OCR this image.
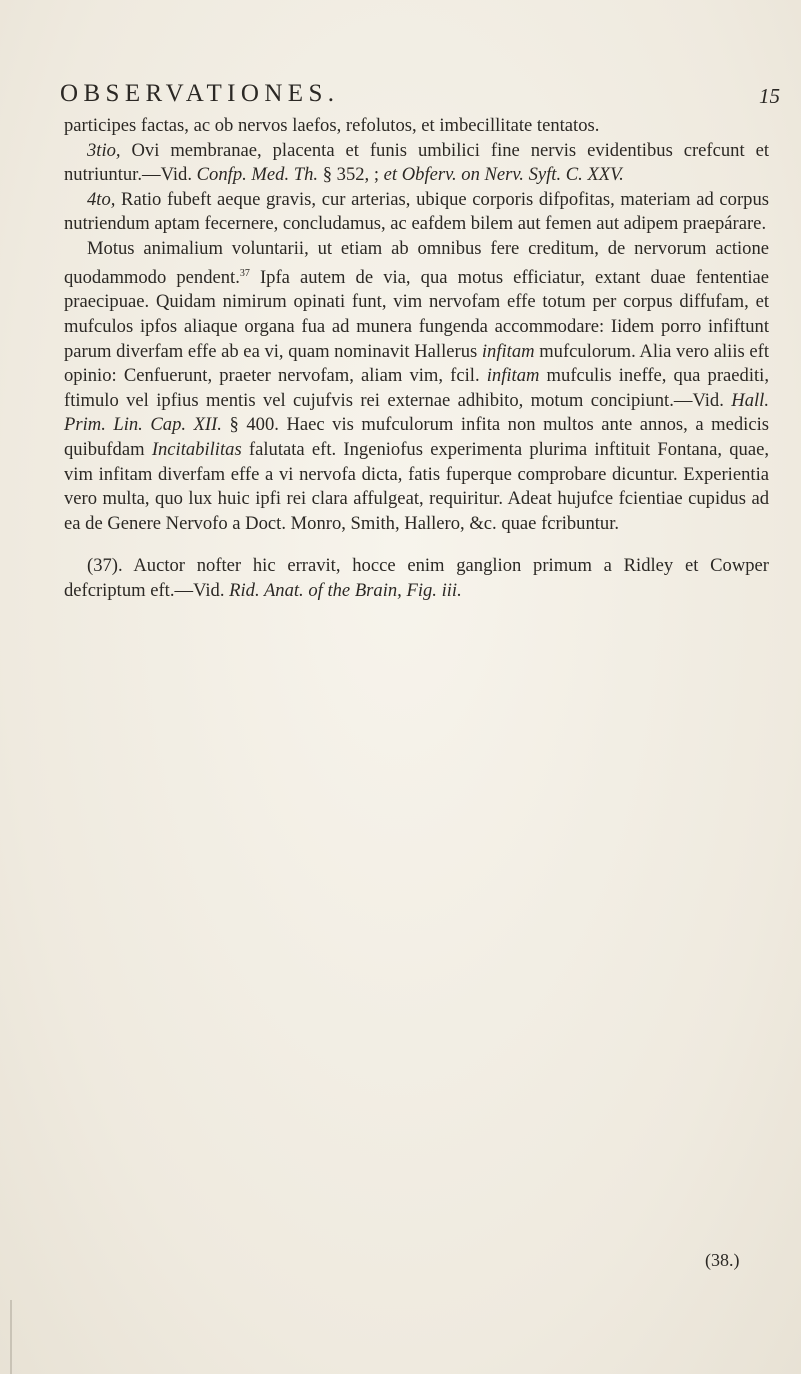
OBSERVATIONES.	15

participes factas, ac ob nervos laefos, refolutos, et imbecillitate tentatos.

3tio, Ovi membranae, placenta et funis umbilici fine nervis evidentibus crefcunt et nutriuntur.—Vid. Confp. Med. Th. § 352, ; et Obferv. on Nerv. Syft. C. XXV.

4to, Ratio fubeft aeque gravis, cur arterias, ubique corporis difpofitas, materiam ad corpus nutriendum aptam fecernere, concludamus, ac eafdem bilem aut femen aut adipem praepárare.

Motus animalium voluntarii, ut etiam ab omnibus fere creditum, de nervorum actione quodammodo pendent.$^{37}$ Ipfa autem de via, qua motus efficiatur, extant duae fententiae praecipuae. Quidam nimirum opinati funt, vim nervofam effe totum per corpus diffufam, et mufculos ipfos aliaque organa fua ad munera fungenda accommodare: Iidem porro infiftunt parum diverfam effe ab ea vi, quam nominavit Hallerus infitam mufculorum. Alia vero aliis eft opinio: Cenfuerunt, praeter nervofam, aliam vim, fcil. infitam mufculis ineffe, qua praediti, ftimulo vel ipfius mentis vel cujufvis rei externae adhibito, motum concipiunt.—Vid. Hall. Prim. Lin. Cap. XII. § 400. Haec vis mufculorum infita non multos ante annos, a medicis quibufdam Incitabilitas falutata eft. Ingeniofus experimenta plurima inftituit Fontana, quae, vim infitam diverfam effe a vi nervofa dicta, fatis fuperque comprobare dicuntur. Experientia vero multa, quo lux huic ipfi rei clara affulgeat, requiritur. Adeat hujufce fcientiae cupidus ad ea de Genere Nervofo a Doct. Monro, Smith, Hallero, &c. quae fcribuntur.

(37). Auctor nofter hic erravit, hocce enim ganglion primum a Ridley et Cowper defcriptum eft.—Vid. Rid. Anat. of the Brain, Fig. iii.

(38.)
